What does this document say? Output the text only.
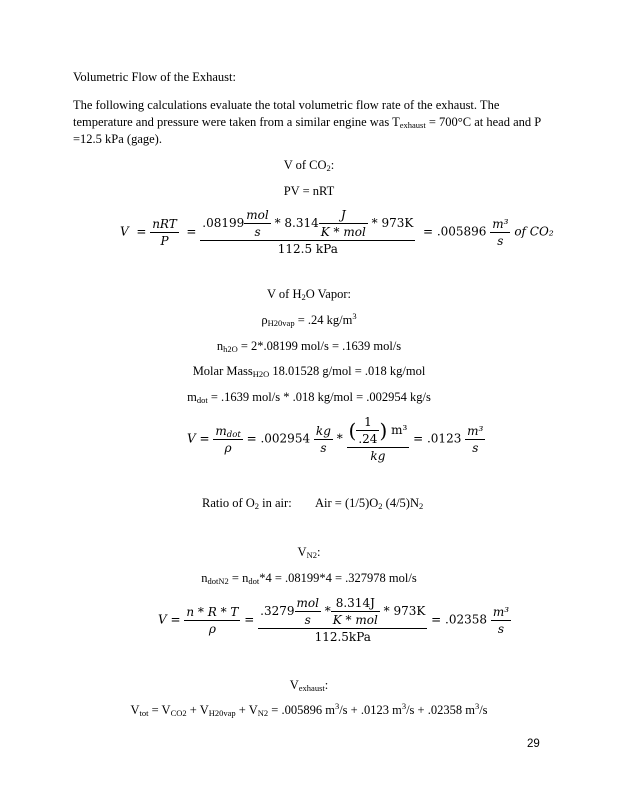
Volumetric Flow of the Exhaust:
The following calculations evaluate the total volumetric flow rate of the exhaust. The
temperature and pressure were taken from a similar engine was $T_{exhaust} = 700^\circ C$ at head and P
=12.5 kPa (gage).
V of $CO_2$:
PV = nRT
$V = \frac{\text{nRT}}{P} = \frac{.08199 \frac{\text{mol}}{s} * 8.314 \frac{J}{\text{K * mol}} * 973K}{\text{112.5 kPa}} = .005896 \frac{\text{m³}}{s}$ of CO₂
V of $H_2O$ Vapor:
$\rho_{H20vap} = .24$ $kg/m^3$
$n_{h2O} = 2*.08199$ mol/s = .1639 mol/s
Molar Mass$_{H2O}$ 18.01528 g/mol = .018 kg/mol
$m_{dot} = .1639$ mol/s * .018 kg/mol = .002954 kg/s
$V = \frac{m_{dot}}{\rho} = .002954 \frac{kg}{s} * \frac{( \frac{1}{.24} ) m^3}{kg} = .0123 \frac{\text{m³}}{s}$
Ratio of $O_2$ in air: Air = $(1/5)O_2$ $(4/5)N_2$
$V_{N2}$:
$n_{dotN2} = n_{dot}*4 = .08199*4 = .327978$ mol/s
$V = \frac{n * R * T}{\rho} = \frac{.3279 \frac{\text{mol}}{s} * \frac{8.314J}{\text{K * mol}} * 973K}{\text{112.5kPa}} = .02358 \frac{\text{m³}}{s}$
$V_{exhaust}$:
$V_{tot} = V_{CO2} + V_{H20vap} + V_{N2} = .005896$ $m^3/s + .0123$ $m^3/s + .02358$ $m^3/s$
29
